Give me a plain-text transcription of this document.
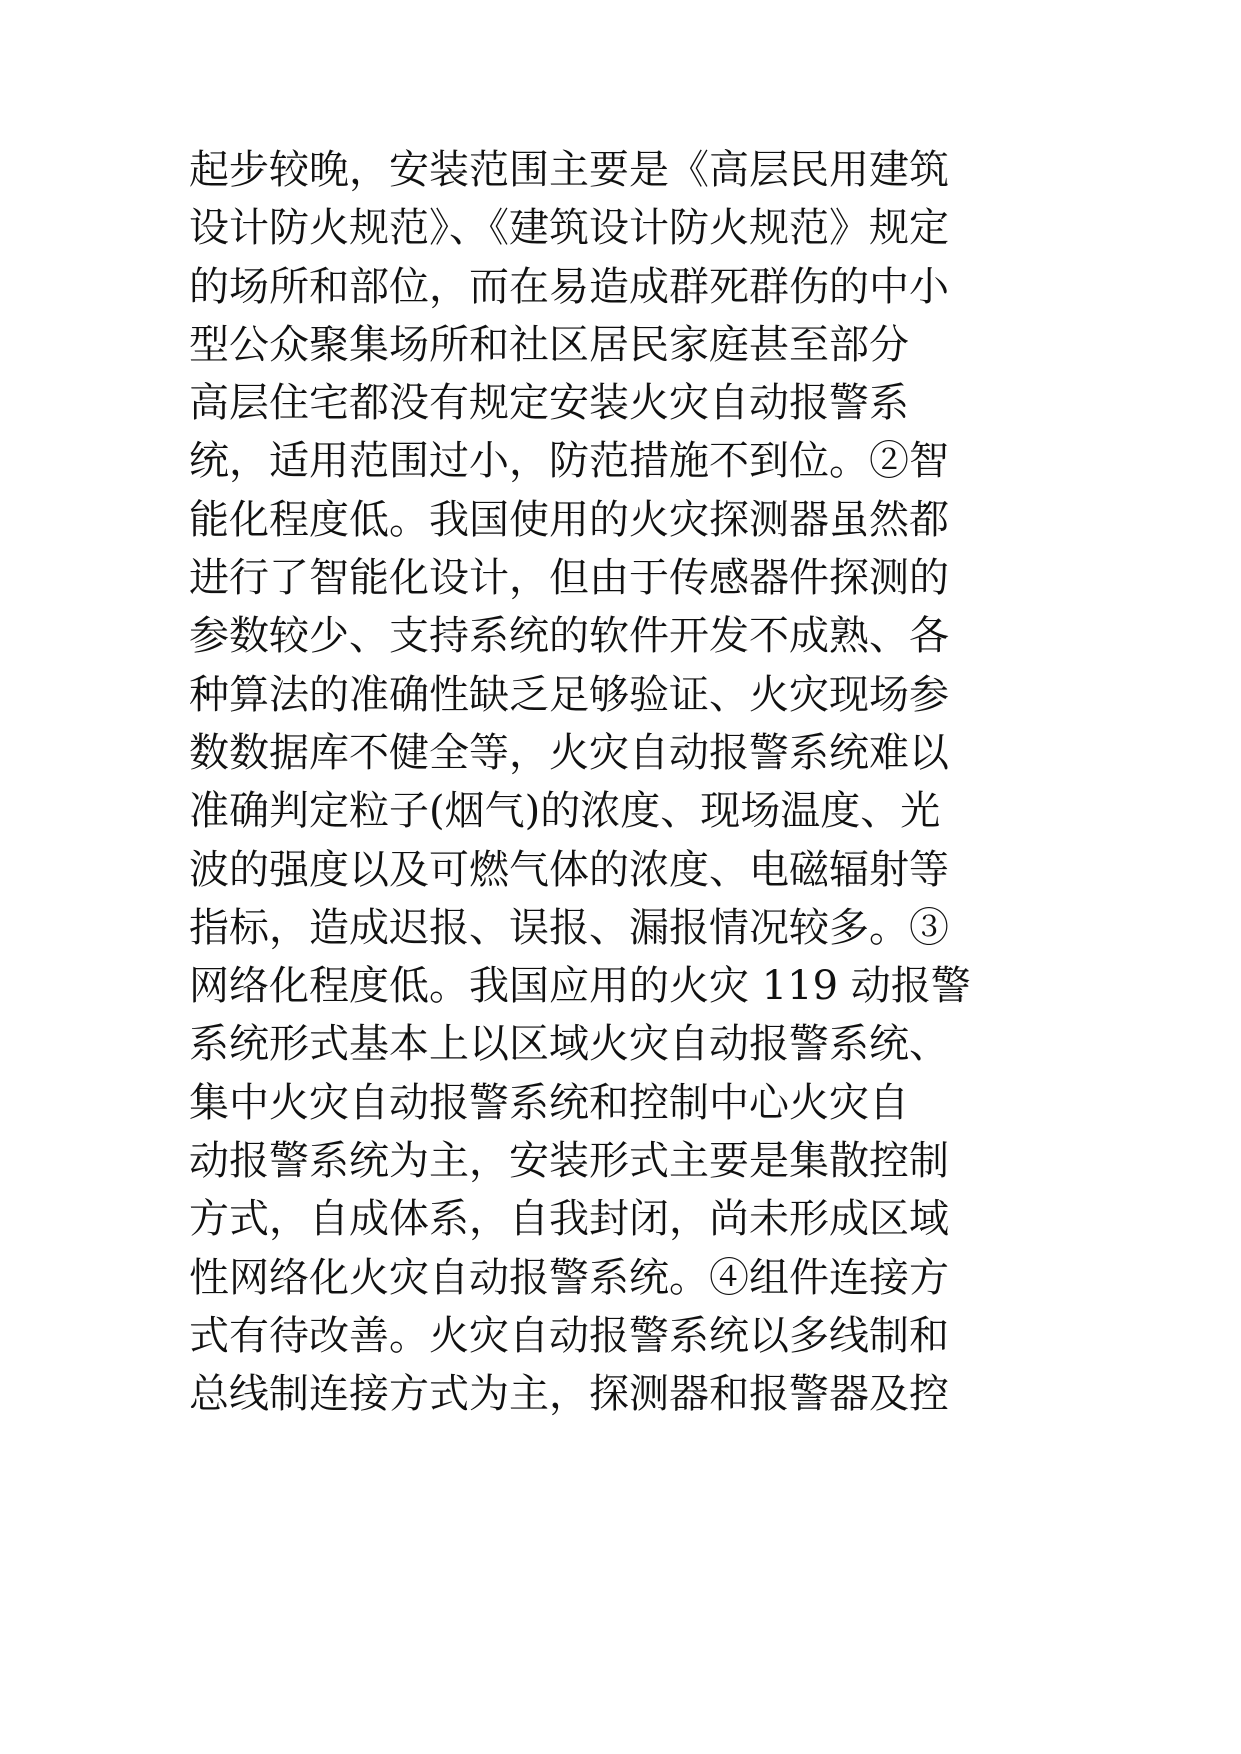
起步较晚，安装范围主要是《高层民用建筑
设计防火规范》、《建筑设计防火规范》规定
的场所和部位，而在易造成群死群伤的中小
型公众聚集场所和社区居民家庭甚至部分
高层住宅都没有规定安装火灾自动报警系
统，适用范围过小，防范措施不到位。②智
能化程度低。我国使用的火灾探测器虽然都
进行了智能化设计，但由于传感器件探测的
参数较少、支持系统的软件开发不成熟、各
种算法的准确性缺乏足够验证、火灾现场参
数数据库不健全等，火灾自动报警系统难以
准确判定粒子(烟气)的浓度、现场温度、光
波的强度以及可燃气体的浓度、电磁辐射等
指标，造成迟报、误报、漏报情况较多。③
网络化程度低。我国应用的火灾 119 动报警
系统形式基本上以区域火灾自动报警系统、
集中火灾自动报警系统和控制中心火灾自
动报警系统为主，安装形式主要是集散控制
方式，自成体系，自我封闭，尚未形成区域
性网络化火灾自动报警系统。④组件连接方
式有待改善。火灾自动报警系统以多线制和
总线制连接方式为主，探测器和报警器及控
